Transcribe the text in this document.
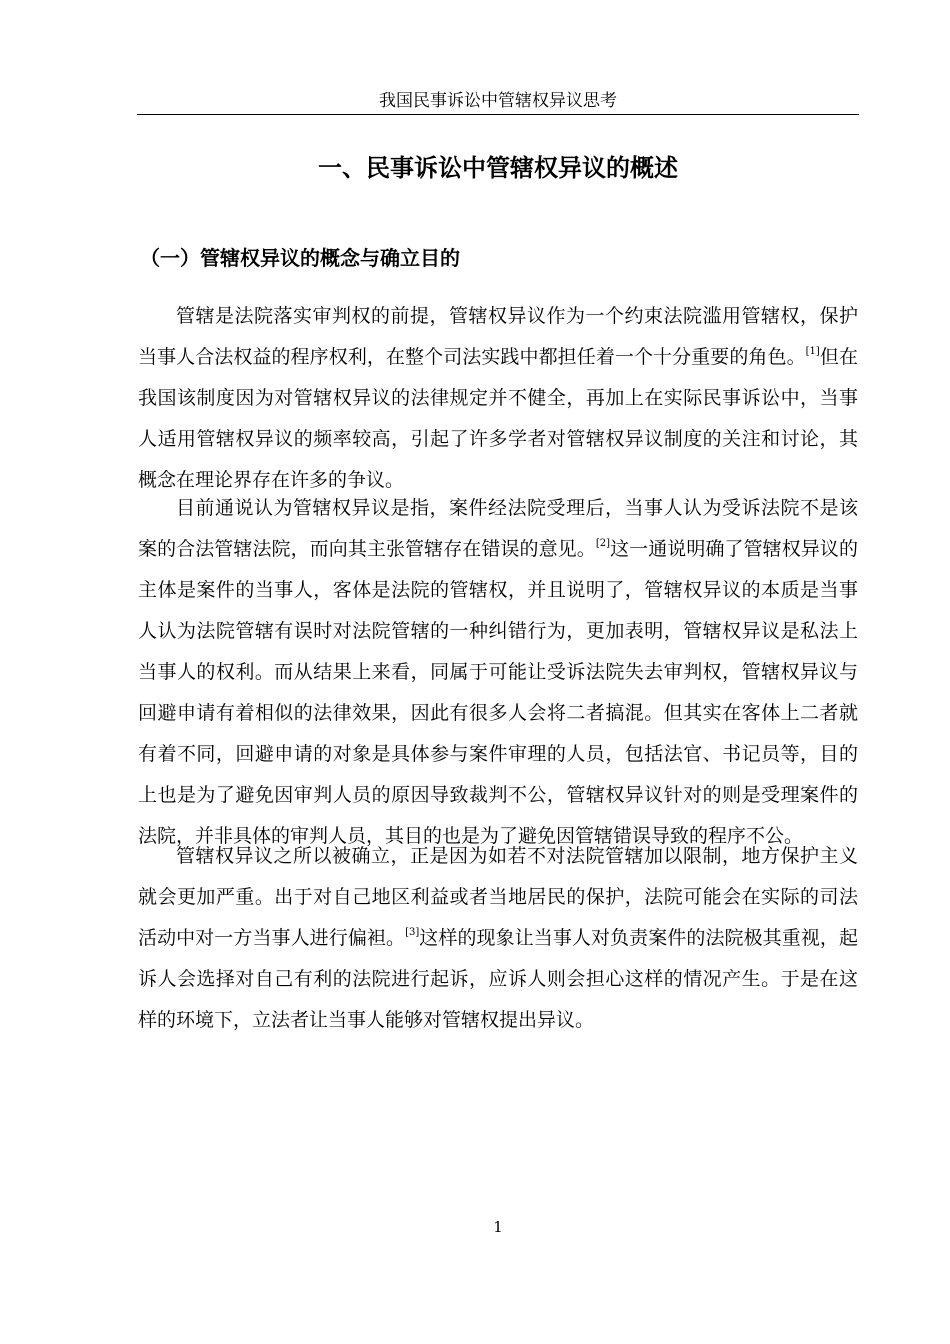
我国民事诉讼中管辖权异议思考
一、民事诉讼中管辖权异议的概述
（一）管辖权异议的概念与确立目的
管辖是法院落实审判权的前提，管辖权异议作为一个约束法院滥用管辖权，保护
当事人合法权益的程序权利，在整个司法实践中都担任着一个十分重要的角色。[1]但在
我国该制度因为对管辖权异议的法律规定并不健全，再加上在实际民事诉讼中，当事
人适用管辖权异议的频率较高，引起了许多学者对管辖权异议制度的关注和讨论，其
概念在理论界存在许多的争议。
目前通说认为管辖权异议是指，案件经法院受理后，当事人认为受诉法院不是该
案的合法管辖法院，而向其主张管辖存在错误的意见。[2]这一通说明确了管辖权异议的
主体是案件的当事人，客体是法院的管辖权，并且说明了，管辖权异议的本质是当事
人认为法院管辖有误时对法院管辖的一种纠错行为，更加表明，管辖权异议是私法上
当事人的权利。而从结果上来看，同属于可能让受诉法院失去审判权，管辖权异议与
回避申请有着相似的法律效果，因此有很多人会将二者搞混。但其实在客体上二者就
有着不同，回避申请的对象是具体参与案件审理的人员，包括法官、书记员等，目的
上也是为了避免因审判人员的原因导致裁判不公，管辖权异议针对的则是受理案件的
法院，并非具体的审判人员，其目的也是为了避免因管辖错误导致的程序不公。
管辖权异议之所以被确立，正是因为如若不对法院管辖加以限制，地方保护主义
就会更加严重。出于对自己地区利益或者当地居民的保护，法院可能会在实际的司法
活动中对一方当事人进行偏袒。[3]这样的现象让当事人对负责案件的法院极其重视，起
诉人会选择对自己有利的法院进行起诉，应诉人则会担心这样的情况产生。于是在这
样的环境下，立法者让当事人能够对管辖权提出异议。
1
